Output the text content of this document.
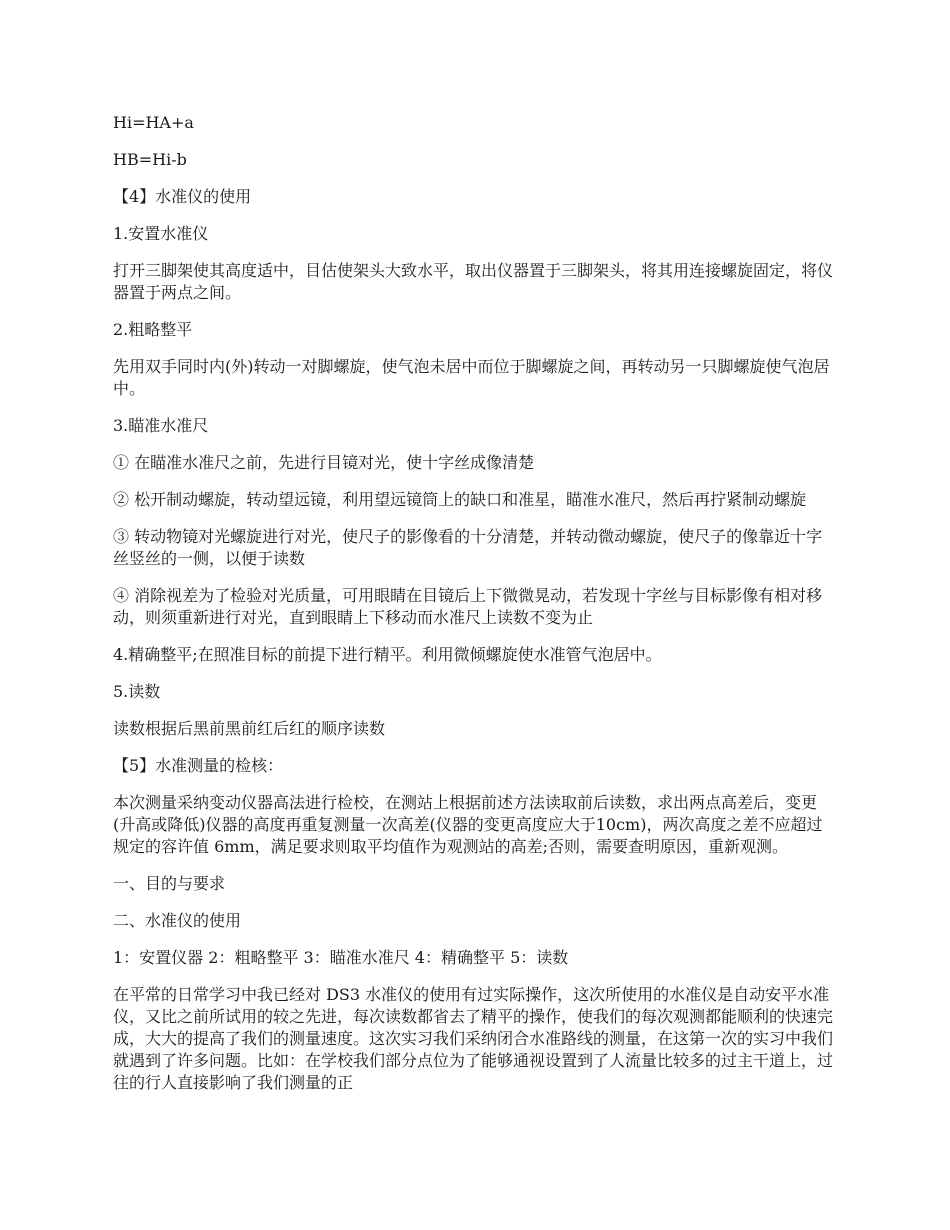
Hi=HA+a

HB=Hi-b

【4】水准仪的使用

1.安置水准仪

打开三脚架使其高度适中，目估使架头大致水平，取出仪器置于三脚架头，将其用连接螺旋固定，将仪器置于两点之间。

2.粗略整平

先用双手同时内(外)转动一对脚螺旋，使气泡未居中而位于脚螺旋之间，再转动另一只脚螺旋使气泡居中。

3.瞄准水准尺

① 在瞄准水准尺之前，先进行目镜对光，使十字丝成像清楚

② 松开制动螺旋，转动望远镜，利用望远镜筒上的缺口和准星，瞄准水准尺，然后再拧紧制动螺旋

③ 转动物镜对光螺旋进行对光，使尺子的影像看的十分清楚，并转动微动螺旋，使尺子的像靠近十字丝竖丝的一侧，以便于读数

④ 消除视差为了检验对光质量，可用眼睛在目镜后上下微微晃动，若发现十字丝与目标影像有相对移动，则须重新进行对光，直到眼睛上下移动而水准尺上读数不变为止

4.精确整平;在照准目标的前提下进行精平。利用微倾螺旋使水准管气泡居中。

5.读数

读数根据后黑前黑前红后红的顺序读数

【5】水准测量的检核：

本次测量采纳变动仪器高法进行检校，在测站上根据前述方法读取前后读数，求出两点高差后，变更(升高或降低)仪器的高度再重复测量一次高差(仪器的变更高度应大于10cm)，两次高度之差不应超过规定的容许值 6mm，满足要求则取平均值作为观测站的高差;否则，需要查明原因，重新观测。

一、目的与要求

二、水准仪的使用

1：安置仪器 2：粗略整平 3：瞄准水准尺 4：精确整平 5：读数

在平常的日常学习中我已经对 DS3 水准仪的使用有过实际操作，这次所使用的水准仪是自动安平水准仪，又比之前所试用的较之先进，每次读数都省去了精平的操作，使我们的每次观测都能顺利的快速完成，大大的提高了我们的测量速度。这次实习我们采纳闭合水准路线的测量，在这第一次的实习中我们就遇到了许多问题。比如：在学校我们部分点位为了能够通视设置到了人流量比较多的过主干道上，过往的行人直接影响了我们测量的正
